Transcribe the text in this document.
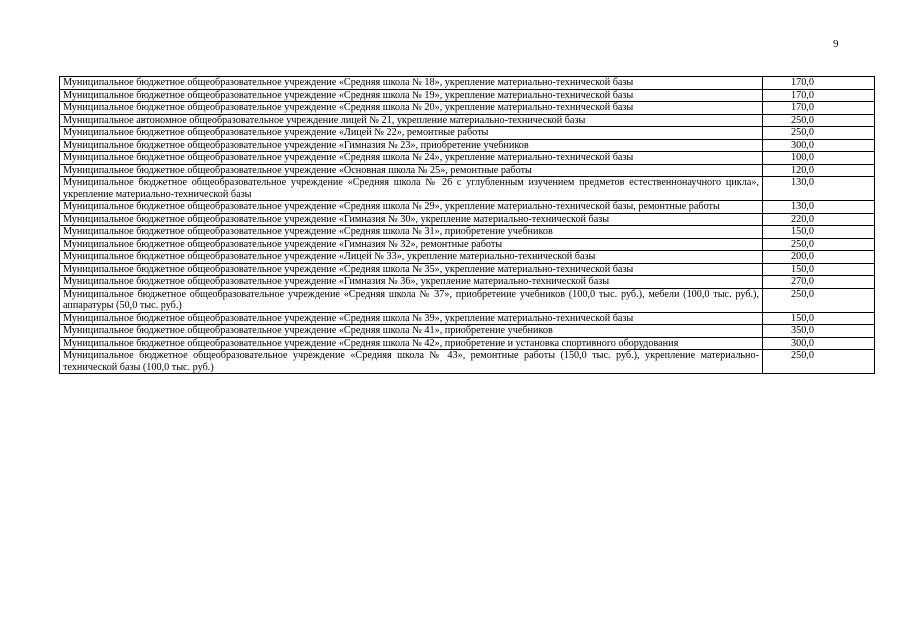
9
Муниципальное бюджетное общеобразовательное учреждение «Средняя школа № 18», укрепление материально-технической базы	170,0
Муниципальное бюджетное общеобразовательное учреждение «Средняя школа № 19», укрепление материально-технической базы	170,0
Муниципальное бюджетное общеобразовательное учреждение «Средняя школа № 20», укрепление материально-технической базы	170,0
Муниципальное автономное общеобразовательное учреждение лицей № 21, укрепление материально-технической базы	250,0
Муниципальное бюджетное общеобразовательное учреждение «Лицей № 22», ремонтные работы	250,0
Муниципальное бюджетное общеобразовательное учреждение «Гимназия № 23», приобретение учебников	300,0
Муниципальное бюджетное общеобразовательное учреждение «Средняя школа № 24», укрепление материально-технической базы	100,0
Муниципальное бюджетное общеобразовательное учреждение «Основная школа № 25», ремонтные работы	120,0
Муниципальное бюджетное общеобразовательное учреждение «Средняя школа № 26 с углубленным изучением предметов естественнонаучного цикла», укрепление материально-технической базы	130,0
Муниципальное бюджетное общеобразовательное учреждение «Средняя школа № 29», укрепление материально-технической базы, ремонтные работы	130,0
Муниципальное бюджетное общеобразовательное учреждение «Гимназия № 30», укрепление материально-технической базы	220,0
Муниципальное бюджетное общеобразовательное учреждение «Средняя школа № 31», приобретение учебников	150,0
Муниципальное бюджетное общеобразовательное учреждение «Гимназия № 32», ремонтные работы	250,0
Муниципальное бюджетное общеобразовательное учреждение «Лицей № 33», укрепление материально-технической базы	200,0
Муниципальное бюджетное общеобразовательное учреждение «Средняя школа № 35», укрепление материально-технической базы	150,0
Муниципальное бюджетное общеобразовательное учреждение «Гимназия № 36», укрепление материально-технической базы	270,0
Муниципальное бюджетное общеобразовательное учреждение «Средняя школа № 37», приобретение учебников (100,0 тыс. руб.), мебели (100,0 тыс. руб.), аппаратуры (50,0 тыс. руб.)	250,0
Муниципальное бюджетное общеобразовательное учреждение «Средняя школа № 39», укрепление материально-технической базы	150,0
Муниципальное бюджетное общеобразовательное учреждение «Средняя школа № 41», приобретение учебников	350,0
Муниципальное бюджетное общеобразовательное учреждение «Средняя школа № 42», приобретение и установка спортивного оборудования	300,0
Муниципальное бюджетное общеобразовательное учреждение «Средняя школа № 43», ремонтные работы (150,0 тыс. руб.), укрепление материально-технической базы (100,0 тыс. руб.)	250,0
